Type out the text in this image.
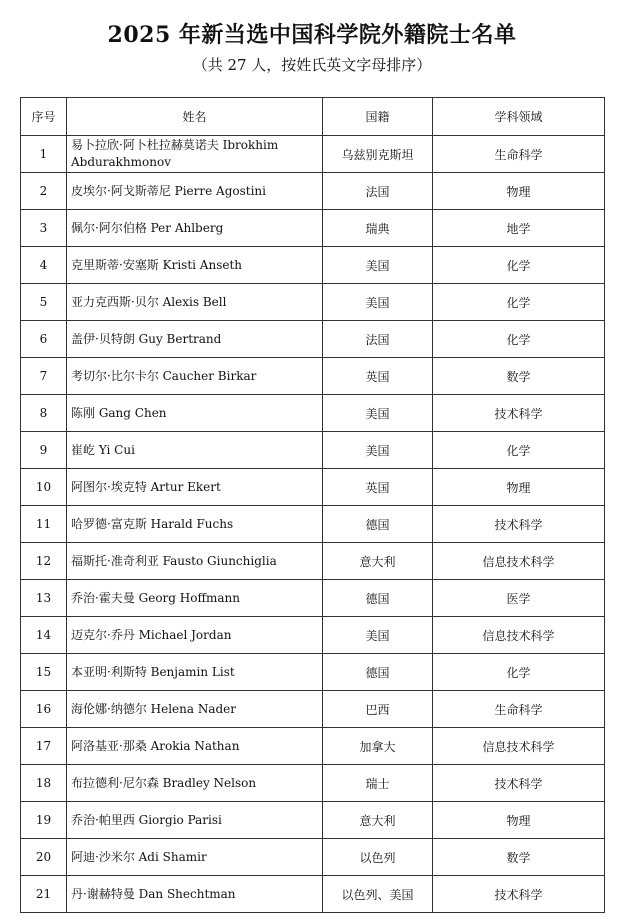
2025 年新当选中国科学院外籍院士名单
（共 27 人，按姓氏英文字母排序）
序号	姓名	国籍	学科领域
1	易卜拉欣·阿卜杜拉赫莫诺夫 Ibrokhim Abdurakhmonov	乌兹别克斯坦	生命科学
2	皮埃尔·阿戈斯蒂尼 Pierre Agostini	法国	物理
3	佩尔·阿尔伯格 Per Ahlberg	瑞典	地学
4	克里斯蒂·安塞斯 Kristi Anseth	美国	化学
5	亚力克西斯·贝尔 Alexis Bell	美国	化学
6	盖伊·贝特朗 Guy Bertrand	法国	化学
7	考切尔·比尔卡尔 Caucher Birkar	英国	数学
8	陈刚 Gang Chen	美国	技术科学
9	崔屹 Yi Cui	美国	化学
10	阿图尔·埃克特 Artur Ekert	英国	物理
11	哈罗德·富克斯 Harald Fuchs	德国	技术科学
12	福斯托·准奇利亚 Fausto Giunchiglia	意大利	信息技术科学
13	乔治·霍夫曼 Georg Hoffmann	德国	医学
14	迈克尔·乔丹 Michael Jordan	美国	信息技术科学
15	本亚明·利斯特 Benjamin List	德国	化学
16	海伦娜·纳德尔 Helena Nader	巴西	生命科学
17	阿洛基亚·那桑 Arokia Nathan	加拿大	信息技术科学
18	布拉德利·尼尔森 Bradley Nelson	瑞士	技术科学
19	乔治·帕里西 Giorgio Parisi	意大利	物理
20	阿迪·沙米尔 Adi Shamir	以色列	数学
21	丹·谢赫特曼 Dan Shechtman	以色列、美国	技术科学
